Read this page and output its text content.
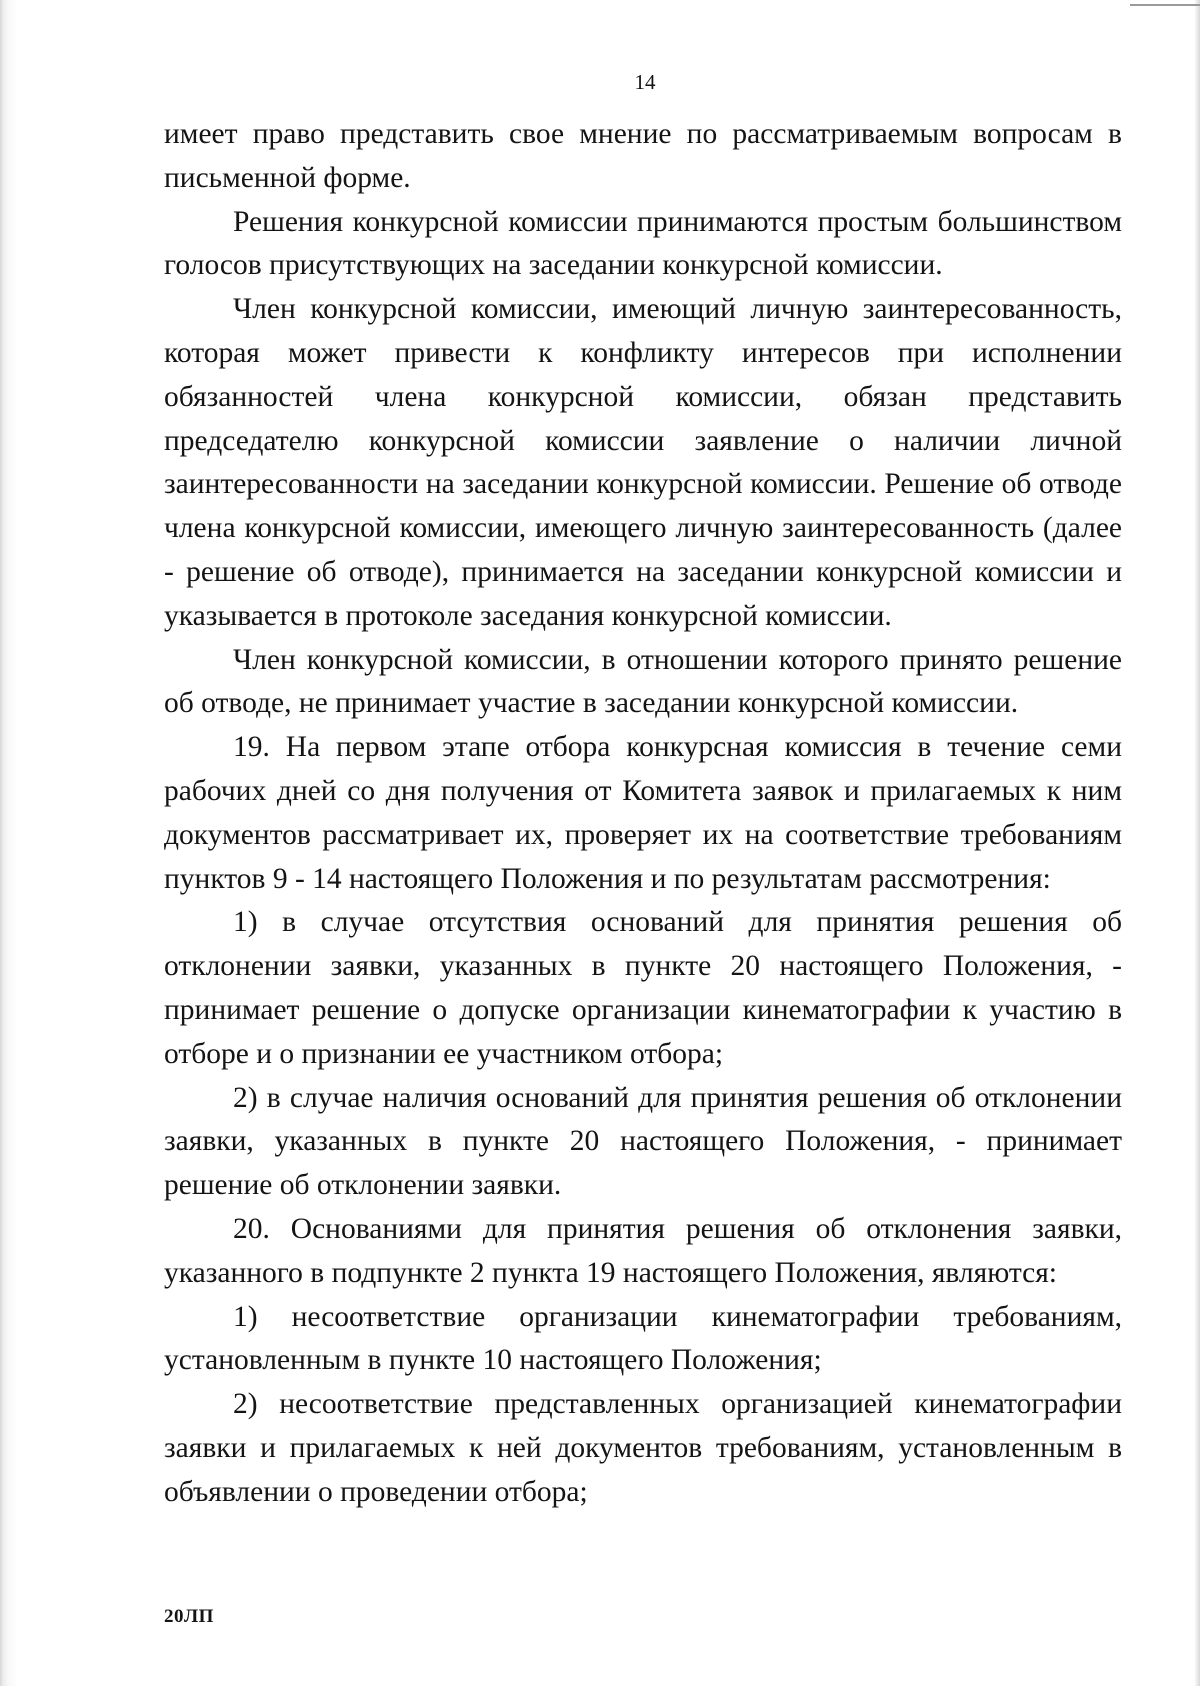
14

имеет право представить свое мнение по рассматриваемым вопросам в письменной форме.

Решения конкурсной комиссии принимаются простым большинством голосов присутствующих на заседании конкурсной комиссии.

Член конкурсной комиссии, имеющий личную заинтересованность, которая может привести к конфликту интересов при исполнении обязанностей члена конкурсной комиссии, обязан представить председателю конкурсной комиссии заявление о наличии личной заинтересованности на заседании конкурсной комиссии. Решение об отводе члена конкурсной комиссии, имеющего личную заинтересованность (далее - решение об отводе), принимается на заседании конкурсной комиссии и указывается в протоколе заседания конкурсной комиссии.

Член конкурсной комиссии, в отношении которого принято решение об отводе, не принимает участие в заседании конкурсной комиссии.

19. На первом этапе отбора конкурсная комиссия в течение семи рабочих дней со дня получения от Комитета заявок и прилагаемых к ним документов рассматривает их, проверяет их на соответствие требованиям пунктов 9 - 14 настоящего Положения и по результатам рассмотрения:

1) в случае отсутствия оснований для принятия решения об отклонении заявки, указанных в пункте 20 настоящего Положения, - принимает решение о допуске организации кинематографии к участию в отборе и о признании ее участником отбора;

2) в случае наличия оснований для принятия решения об отклонении заявки, указанных в пункте 20 настоящего Положения, - принимает решение об отклонении заявки.

20. Основаниями для принятия решения об отклонения заявки, указанного в подпункте 2 пункта 19 настоящего Положения, являются:

1) несоответствие организации кинематографии требованиям, установленным в пункте 10 настоящего Положения;

2) несоответствие представленных организацией кинематографии заявки и прилагаемых к ней документов требованиям, установленным в объявлении о проведении отбора;

20ЛП
